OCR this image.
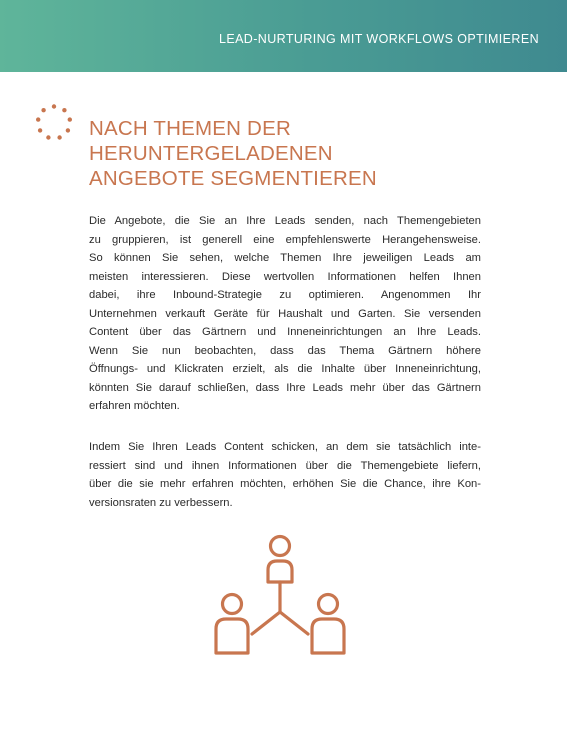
LEAD-NURTURING MIT WORKFLOWS OPTIMIEREN
NACH THEMEN DER
HERUNTERGELADENEN
ANGEBOTE SEGMENTIEREN
Die Angebote, die Sie an Ihre Leads senden, nach Themengebieten
zu gruppieren, ist generell eine empfehlenswerte Herangehensweise.
So können Sie sehen, welche Themen Ihre jeweiligen Leads am
meisten interessieren. Diese wertvollen Informationen helfen Ihnen
dabei, ihre Inbound-Strategie zu optimieren. Angenommen Ihr
Unternehmen verkauft Geräte für Haushalt und Garten. Sie versenden
Content über das Gärtnern und Inneneinrichtungen an Ihre Leads.
Wenn Sie nun beobachten, dass das Thema Gärtnern höhere
Öffnungs- und Klickraten erzielt, als die Inhalte über Inneneinrichtung,
könnten Sie darauf schließen, dass Ihre Leads mehr über das Gärtnern
erfahren möchten.
Indem Sie Ihren Leads Content schicken, an dem sie tatsächlich inte-
ressiert sind und ihnen Informationen über die Themengebiete liefern,
über die sie mehr erfahren möchten, erhöhen Sie die Chance, ihre Kon-
versionsraten zu verbessern.
